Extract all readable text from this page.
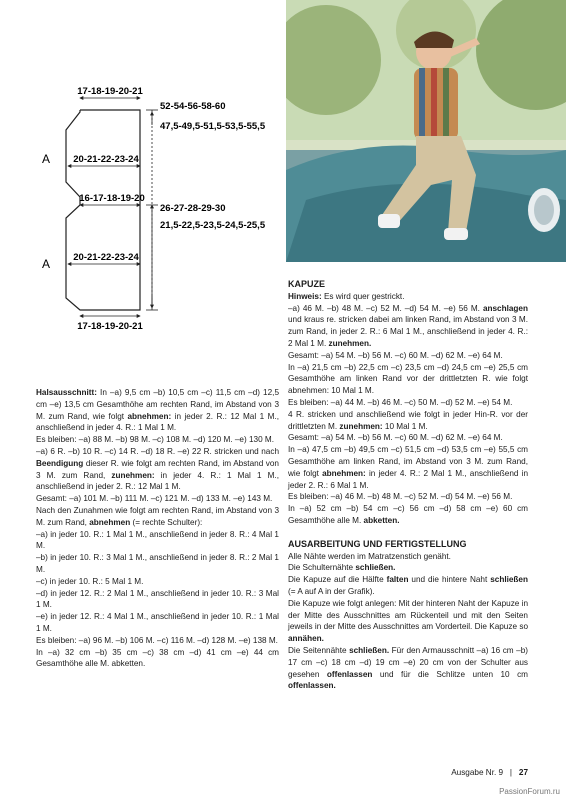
17-18-19-20-21
20-21-22-23-24
16-17-18-19-20
20-21-22-23-24
17-18-19-20-21
52-54-56-58-60
47,5-49,5-51,5-53,5-55,5
26-27-28-29-30
21,5-22,5-23,5-24,5-25,5
A
A

Halsausschnitt: In –a) 9,5 cm –b) 10,5 cm –c) 11,5 cm –d) 12,5 cm –e) 13,5 cm Gesamthöhe am rechten Rand, im Abstand von 3 M. zum Rand, wie folgt abnehmen: in jeder 2. R.: 12 Mal 1 M., anschließend in jeder 4. R.: 1 Mal 1 M.

Es bleiben: –a) 88 M. –b) 98 M. –c) 108 M. –d) 120 M. –e) 130 M.

–a) 6 R. –b) 10 R. –c) 14 R. –d) 18 R. –e) 22 R. stricken und nach Beendigung dieser R. wie folgt am rechten Rand, im Abstand von 3 M. zum Rand, zunehmen: in jeder 4. R.: 1 Mal 1 M., anschließend in jeder 2. R.: 12 Mal 1 M.

Gesamt: –a) 101 M. –b) 111 M. –c) 121 M. –d) 133 M. –e) 143 M.

Nach den Zunahmen wie folgt am rechten Rand, im Abstand von 3 M. zum Rand, abnehmen (= rechte Schulter):

–a) in jeder 10. R.: 1 Mal 1 M., anschließend in jeder 8. R.: 4 Mal 1 M.

–b) in jeder 10. R.: 3 Mal 1 M., anschließend in jeder 8. R.: 2 Mal 1 M.

–c) in jeder 10. R.: 5 Mal 1 M.

–d) in jeder 12. R.: 2 Mal 1 M., anschließend in jeder 10. R.: 3 Mal 1 M.

–e) in jeder 12. R.: 4 Mal 1 M., anschließend in jeder 10. R.: 1 Mal 1 M.

Es bleiben: –a) 96 M. –b) 106 M. –c) 116 M. –d) 128 M. –e) 138 M.

In –a) 32 cm –b) 35 cm –c) 38 cm –d) 41 cm –e) 44 cm Gesamthöhe alle M. abketten.

KAPUZE

Hinweis: Es wird quer gestrickt.

–a) 46 M. –b) 48 M. –c) 52 M. –d) 54 M. –e) 56 M. anschlagen und kraus re. stricken dabei am linken Rand, im Abstand von 3 M. zum Rand, in jeder 2. R.: 6 Mal 1 M., anschließend in jeder 4. R.: 2 Mal 1 M. zunehmen.

Gesamt: –a) 54 M. –b) 56 M. –c) 60 M. –d) 62 M. –e) 64 M.

In –a) 21,5 cm –b) 22,5 cm –c) 23,5 cm –d) 24,5 cm –e) 25,5 cm Gesamthöhe am linken Rand vor der drittletzten R. wie folgt abnehmen: 10 Mal 1 M.

Es bleiben: –a) 44 M. –b) 46 M. –c) 50 M. –d) 52 M. –e) 54 M.

4 R. stricken und anschließend wie folgt in jeder Hin-R. vor der drittletzten M. zunehmen: 10 Mal 1 M.

Gesamt: –a) 54 M. –b) 56 M. –c) 60 M. –d) 62 M. –e) 64 M.

In –a) 47,5 cm –b) 49,5 cm –c) 51,5 cm –d) 53,5 cm –e) 55,5 cm Gesamthöhe am linken Rand, im Abstand von 3 M. zum Rand, wie folgt abnehmen: in jeder 4. R.: 2 Mal 1 M., anschließend in jeder 2. R.: 6 Mal 1 M.

Es bleiben: –a) 46 M. –b) 48 M. –c) 52 M. –d) 54 M. –e) 56 M.

In –a) 52 cm –b) 54 cm –c) 56 cm –d) 58 cm –e) 60 cm Gesamthöhe alle M. abketten.

AUSARBEITUNG UND FERTIGSTELLUNG

Alle Nähte werden im Matratzenstich genäht.

Die Schulternähte schließen.

Die Kapuze auf die Hälfte falten und die hintere Naht schließen (= A auf A in der Grafik).

Die Kapuze wie folgt anlegen: Mit der hinteren Naht der Kapuze in der Mitte des Ausschnittes am Rückenteil und mit den Seiten jeweils in der Mitte des Ausschnittes am Vorderteil. Die Kapuze so annähen.

Die Seitennähte schließen. Für den Armausschnitt –a) 16 cm –b) 17 cm –c) 18 cm –d) 19 cm –e) 20 cm von der Schulter aus gesehen offenlassen und für die Schlitze unten 10 cm offenlassen.

Ausgabe Nr. 9 | 27
PassionForum.ru
